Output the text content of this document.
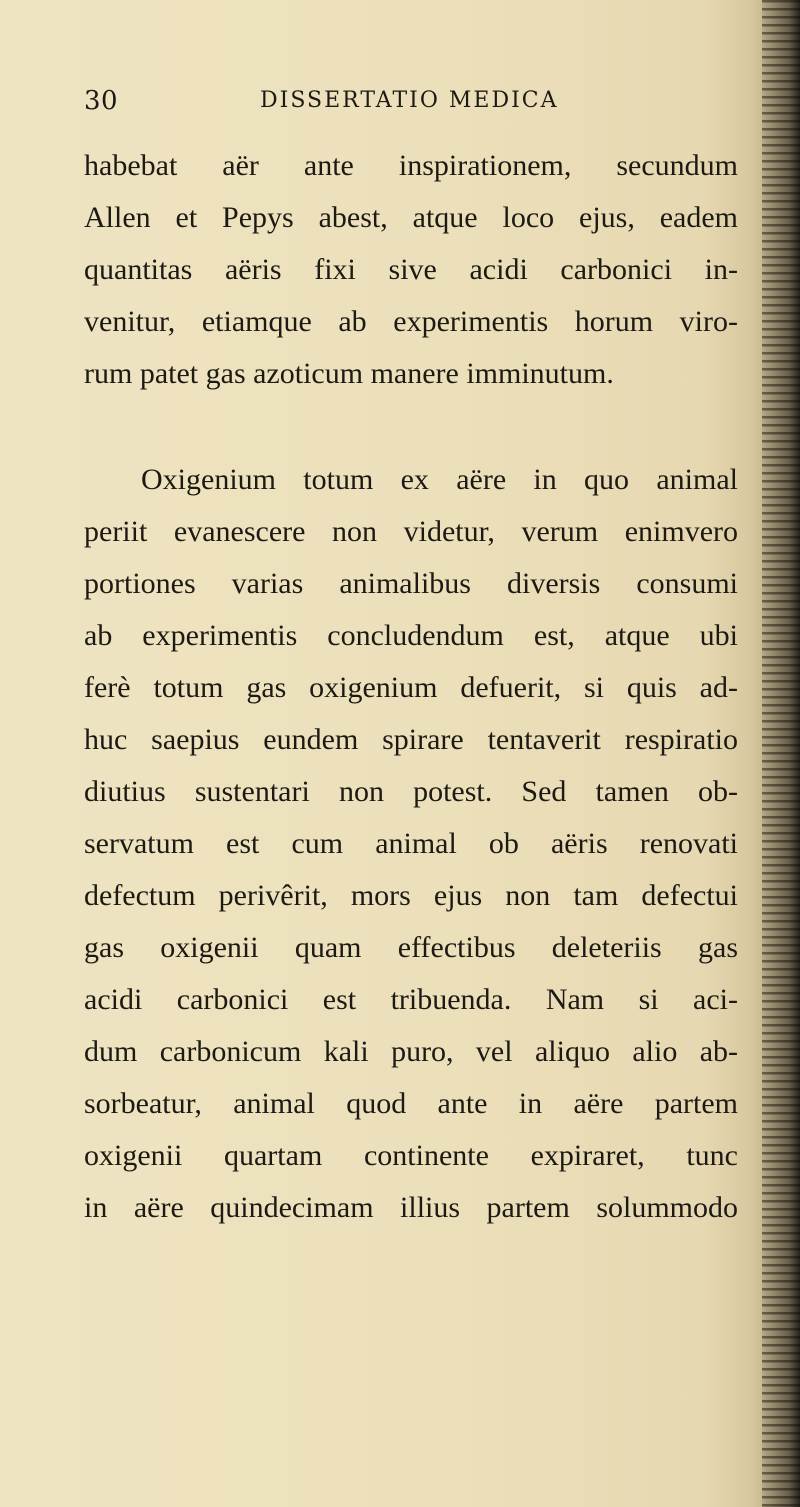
30	DISSERTATIO MEDICA
habebat aër ante inspirationem, secundum
Allen et Pepys abest, atque loco ejus, eadem
quantitas aëris fixi sive acidi carbonici in-
venitur, etiamque ab experimentis horum viro-
rum patet gas azoticum manere imminutum.
Oxigenium totum ex aëre in quo animal
periit evanescere non videtur, verum enimvero
portiones varias animalibus diversis consumi
ab experimentis concludendum est, atque ubi
ferè totum gas oxigenium defuerit, si quis ad-
huc saepius eundem spirare tentaverit respiratio
diutius sustentari non potest. Sed tamen ob-
servatum est cum animal ob aëris renovati
defectum perivêrit, mors ejus non tam defectui
gas oxigenii quam effectibus deleteriis gas
acidi carbonici est tribuenda. Nam si aci-
dum carbonicum kali puro, vel aliquo alio ab-
sorbeatur, animal quod ante in aëre partem
oxigenii quartam continente expiraret, tunc
in aëre quindecimam illius partem solummodo
